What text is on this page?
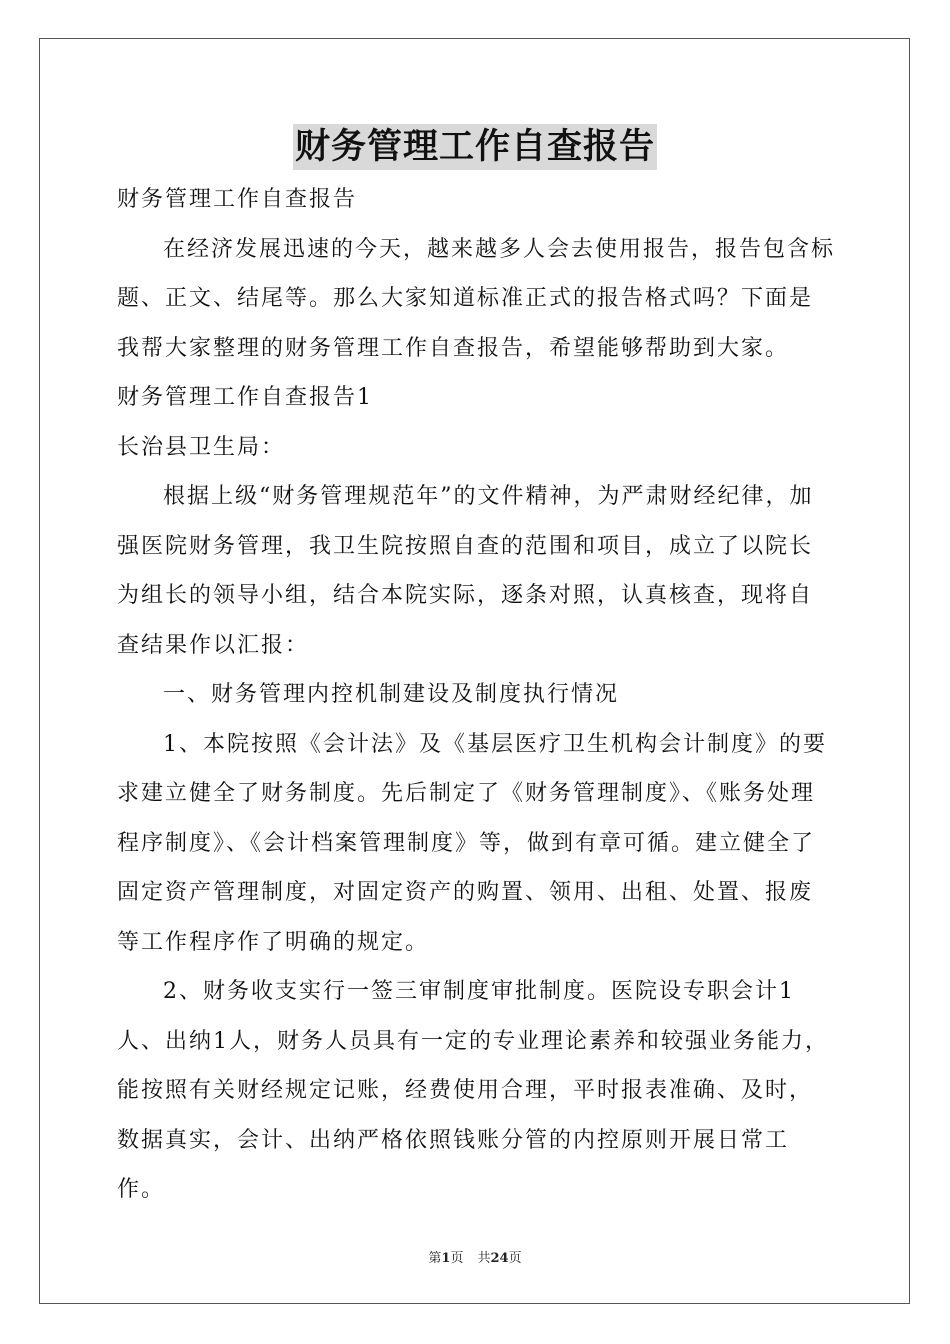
财务管理工作自查报告

财务管理工作自查报告

在经济发展迅速的今天，越来越多人会去使用报告，报告包含标题、正文、结尾等。那么大家知道标准正式的报告格式吗？下面是我帮大家整理的财务管理工作自查报告，希望能够帮助到大家。

财务管理工作自查报告1

长治县卫生局：

根据上级“财务管理规范年”的文件精神，为严肃财经纪律，加强医院财务管理，我卫生院按照自查的范围和项目，成立了以院长为组长的领导小组，结合本院实际，逐条对照，认真核查，现将自查结果作以汇报：

一、财务管理内控机制建设及制度执行情况

1、本院按照《会计法》及《基层医疗卫生机构会计制度》的要求建立健全了财务制度。先后制定了《财务管理制度》、《账务处理程序制度》、《会计档案管理制度》等，做到有章可循。建立健全了固定资产管理制度，对固定资产的购置、领用、出租、处置、报废等工作程序作了明确的规定。

2、财务收支实行一签三审制度审批制度。医院设专职会计1人、出纳1人，财务人员具有一定的专业理论素养和较强业务能力，能按照有关财经规定记账，经费使用合理，平时报表准确、及时，数据真实，会计、出纳严格依照钱账分管的内控原则开展日常工作。

第1页 共24页
